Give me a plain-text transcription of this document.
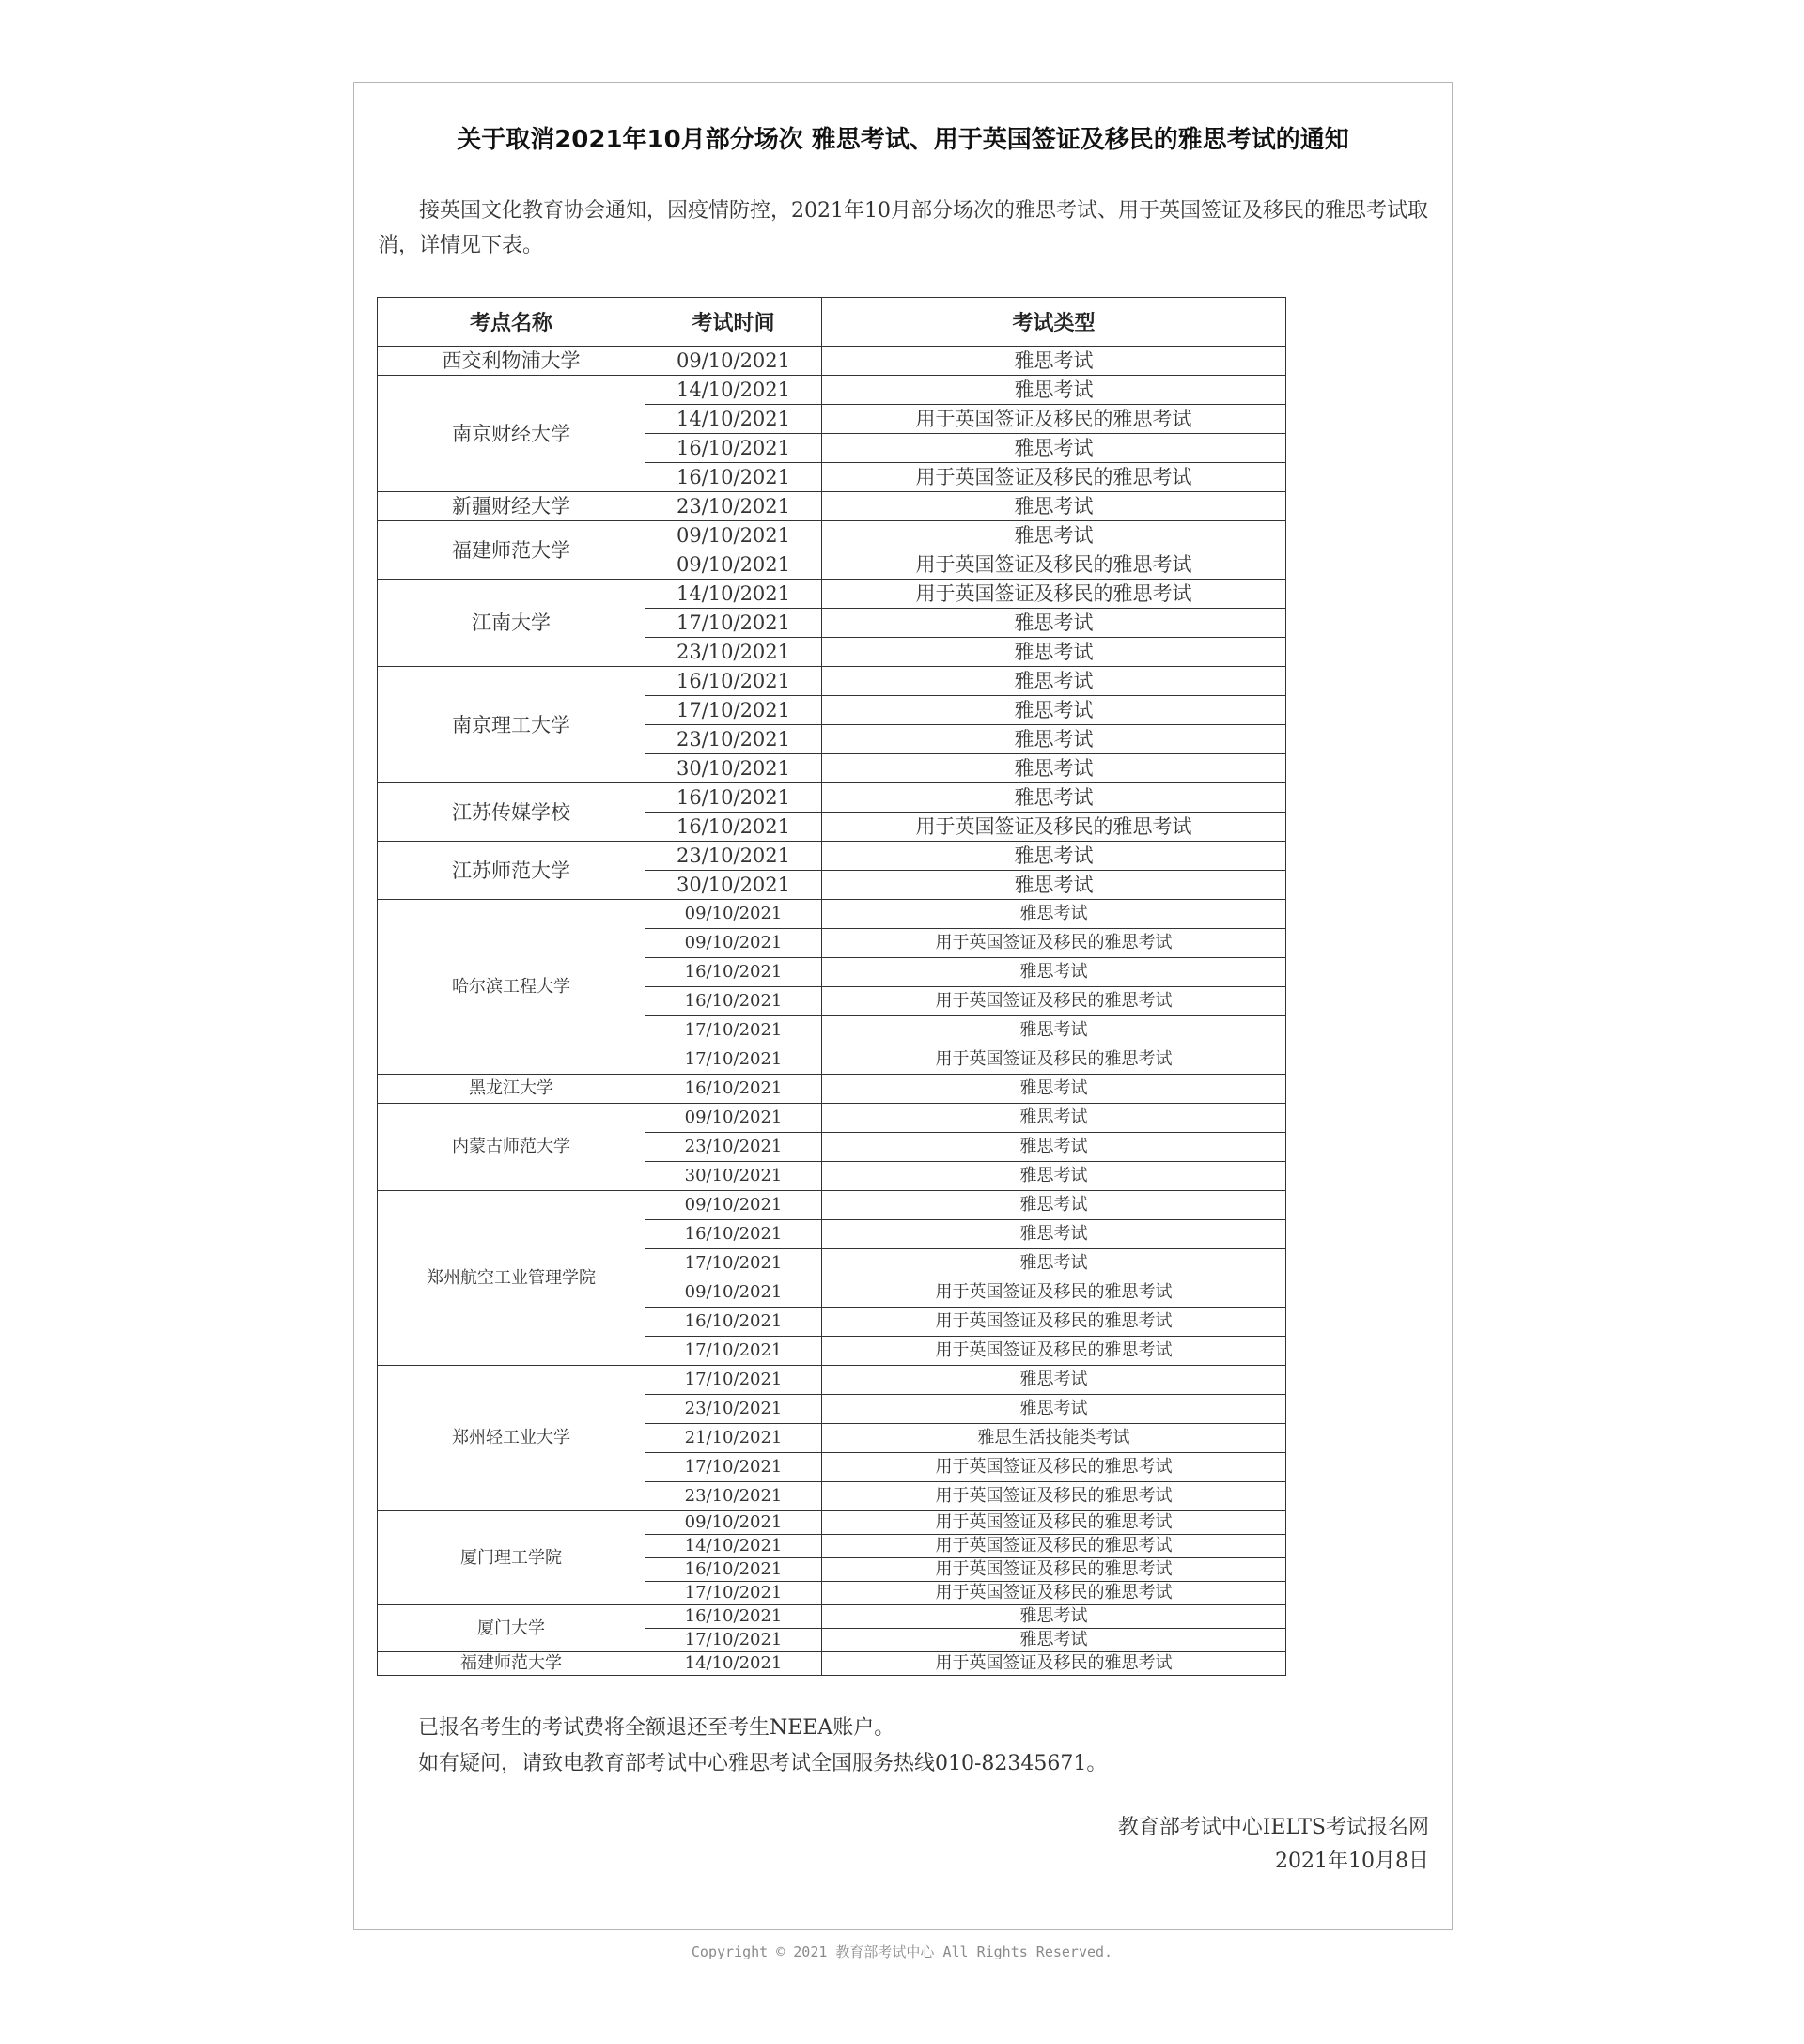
关于取消2021年10月部分场次 雅思考试、用于英国签证及移民的雅思考试的通知
接英国文化教育协会通知，因疫情防控，2021年10月部分场次的雅思考试、用于英国签证及移民的雅思考试取消，详情见下表。
考点名称	考试时间	考试类型
西交利物浦大学	09/10/2021	雅思考试
南京财经大学	14/10/2021	雅思考试
	14/10/2021	用于英国签证及移民的雅思考试
	16/10/2021	雅思考试
	16/10/2021	用于英国签证及移民的雅思考试
新疆财经大学	23/10/2021	雅思考试
福建师范大学	09/10/2021	雅思考试
	09/10/2021	用于英国签证及移民的雅思考试
江南大学	14/10/2021	用于英国签证及移民的雅思考试
	17/10/2021	雅思考试
	23/10/2021	雅思考试
南京理工大学	16/10/2021	雅思考试
	17/10/2021	雅思考试
	23/10/2021	雅思考试
	30/10/2021	雅思考试
江苏传媒学校	16/10/2021	雅思考试
	16/10/2021	用于英国签证及移民的雅思考试
江苏师范大学	23/10/2021	雅思考试
	30/10/2021	雅思考试
哈尔滨工程大学	09/10/2021	雅思考试
	09/10/2021	用于英国签证及移民的雅思考试
	16/10/2021	雅思考试
	16/10/2021	用于英国签证及移民的雅思考试
	17/10/2021	雅思考试
	17/10/2021	用于英国签证及移民的雅思考试
黑龙江大学	16/10/2021	雅思考试
内蒙古师范大学	09/10/2021	雅思考试
	23/10/2021	雅思考试
	30/10/2021	雅思考试
郑州航空工业管理学院	09/10/2021	雅思考试
	16/10/2021	雅思考试
	17/10/2021	雅思考试
	09/10/2021	用于英国签证及移民的雅思考试
	16/10/2021	用于英国签证及移民的雅思考试
	17/10/2021	用于英国签证及移民的雅思考试
郑州轻工业大学	17/10/2021	雅思考试
	23/10/2021	雅思考试
	21/10/2021	雅思生活技能类考试
	17/10/2021	用于英国签证及移民的雅思考试
	23/10/2021	用于英国签证及移民的雅思考试
厦门理工学院	09/10/2021	用于英国签证及移民的雅思考试
	14/10/2021	用于英国签证及移民的雅思考试
	16/10/2021	用于英国签证及移民的雅思考试
	17/10/2021	用于英国签证及移民的雅思考试
厦门大学	16/10/2021	雅思考试
	17/10/2021	雅思考试
福建师范大学	14/10/2021	用于英国签证及移民的雅思考试
已报名考生的考试费将全额退还至考生NEEA账户。
如有疑问，请致电教育部考试中心雅思考试全国服务热线010-82345671。
教育部考试中心IELTS考试报名网
2021年10月8日
Copyright © 2021 教育部考试中心 All Rights Reserved.
